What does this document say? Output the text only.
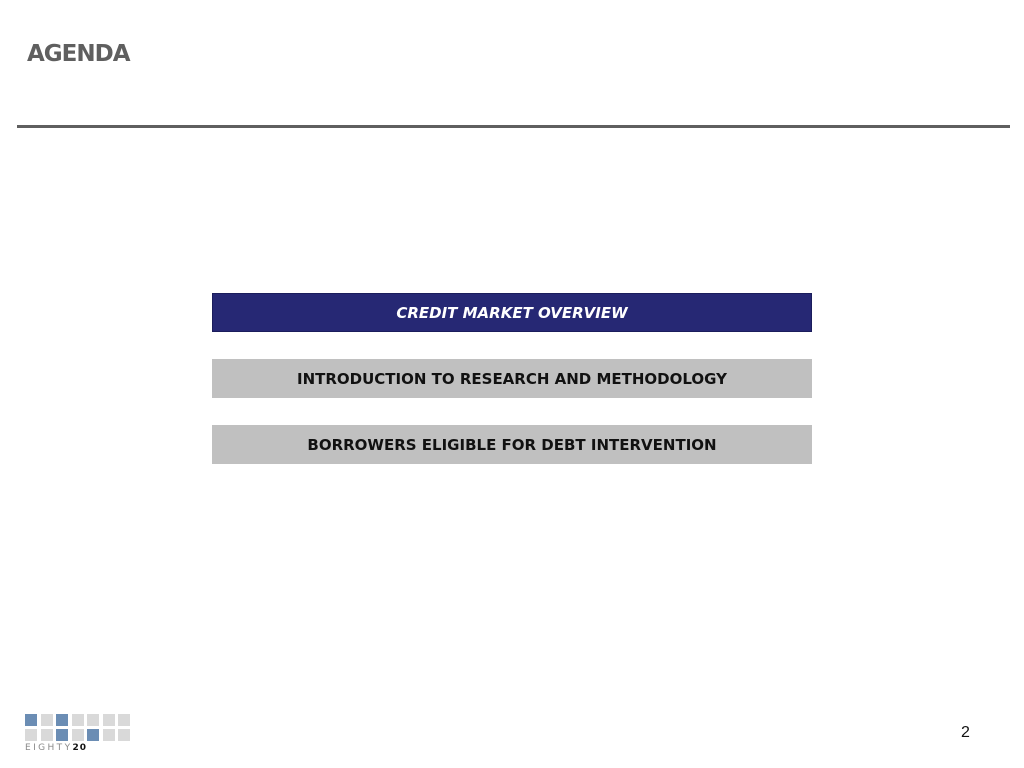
AGENDA
CREDIT MARKET OVERVIEW
INTRODUCTION TO RESEARCH AND METHODOLOGY
BORROWERS ELIGIBLE FOR DEBT INTERVENTION
EIGHTY20
2
